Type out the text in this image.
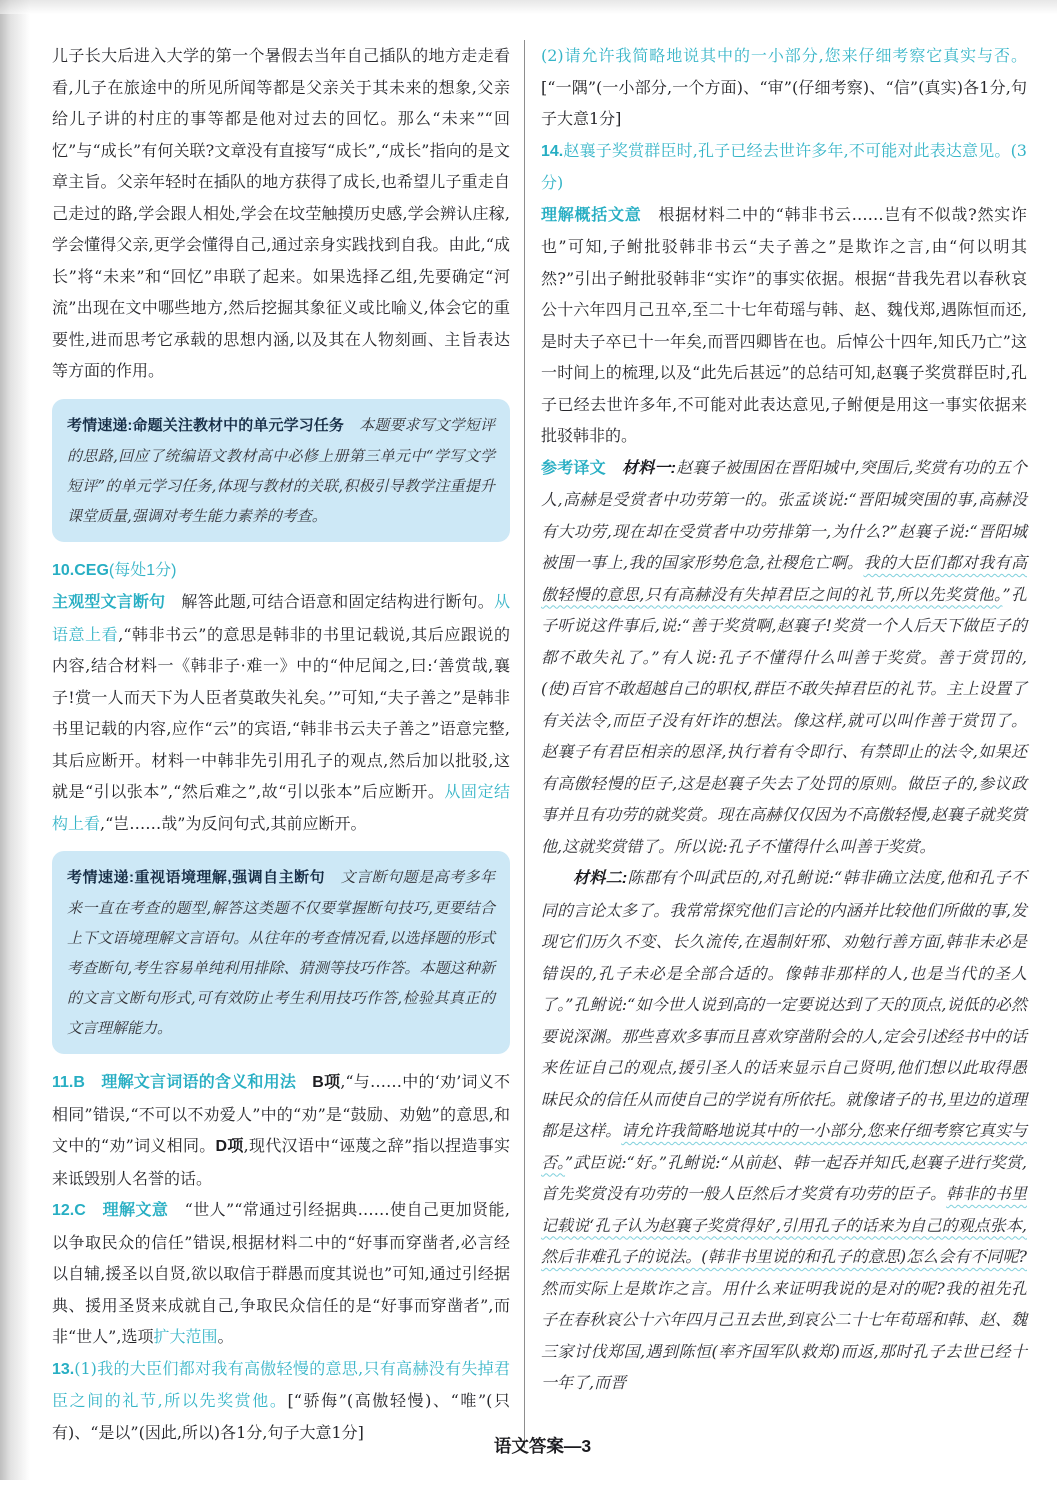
儿子长大后进入大学的第一个暑假去当年自己插队的地方走走看看,儿子在旅途中的所见所闻等都是父亲关于其未来的想象,父亲给儿子讲的村庄的事等都是他对过去的回忆。那么“未来”“回忆”与“成长”有何关联?文章没有直接写“成长”,“成长”指向的是文章主旨。父亲年轻时在插队的地方获得了成长,也希望儿子重走自己走过的路,学会跟人相处,学会在坟茔触摸历史感,学会辨认庄稼,学会懂得父亲,更学会懂得自己,通过亲身实践找到自我。由此,“成长”将“未来”和“回忆”串联了起来。如果选择乙组,先要确定“河流”出现在文中哪些地方,然后挖掘其象征义或比喻义,体会它的重要性,进而思考它承载的思想内涵,以及其在人物刻画、主旨表达等方面的作用。

考情速递:命题关注教材中的单元学习任务　本题要求写文学短评的思路,回应了统编语文教材高中必修上册第三单元中“学写文学短评”的单元学习任务,体现与教材的关联,积极引导教学注重提升课堂质量,强调对考生能力素养的考查。

10.CEG(每处1分)

主观型文言断句　解答此题,可结合语意和固定结构进行断句。从语意上看,“韩非书云”的意思是韩非的书里记载说,其后应跟说的内容,结合材料一《韩非子·难一》中的“仲尼闻之,曰:‘善赏哉,襄子!赏一人而天下为人臣者莫敢失礼矣。’”可知,“夫子善之”是韩非书里记载的内容,应作“云”的宾语,“韩非书云夫子善之”语意完整,其后应断开。材料一中韩非先引用孔子的观点,然后加以批驳,这就是“引以张本”,“然后难之”,故“引以张本”后应断开。从固定结构上看,“岂……哉”为反问句式,其前应断开。

考情速递:重视语境理解,强调自主断句　文言断句题是高考多年来一直在考查的题型,解答这类题不仅要掌握断句技巧,更要结合上下文语境理解文言语句。从往年的考查情况看,以选择题的形式考查断句,考生容易单纯利用排除、猜测等技巧作答。本题这种新的文言文断句形式,可有效防止考生利用技巧作答,检验其真正的文言理解能力。

11.B　理解文言词语的含义和用法　 B项,“与……中的‘劝’词义不相同”错误,“不可以不劝爱人”中的“劝”是“鼓励、劝勉”的意思,和文中的“劝”词义相同。D项,现代汉语中“诬蔑之辞”指以捏造事实来诋毁别人名誉的话。

12.C　理解文意　“世人”“常通过引经据典……使自己更加贤能,以争取民众的信任”错误,根据材料二中的“好事而穿凿者,必言经以自辅,援圣以自贤,欲以取信于群愚而度其说也”可知,通过引经据典、援用圣贤来成就自己,争取民众信任的是“好事而穿凿者”,而非“世人”,选项扩大范围。

13.(1)我的大臣们都对我有高傲轻慢的意思,只有高赫没有失掉君臣之间的礼节,所以先奖赏他。[“骄侮”(高傲轻慢)、“唯”(只有)、“是以”(因此,所以)各1分,句子大意1分]

(2)请允许我简略地说其中的一小部分,您来仔细考察它真实与否。[“一隅”(一小部分,一个方面)、“审”(仔细考察)、“信”(真实)各1分,句子大意1分]

14.赵襄子奖赏群臣时,孔子已经去世许多年,不可能对此表达意见。(3分)

理解概括文意　根据材料二中的“韩非书云……岂有不似哉?然实诈也”可知,子鲋批驳韩非书云“夫子善之”是欺诈之言,由“何以明其然?”引出子鲋批驳韩非“实诈”的事实依据。根据“昔我先君以春秋哀公十六年四月己丑卒,至二十七年荀瑶与韩、赵、魏伐郑,遇陈恒而还,是时夫子卒已十一年矣,而晋四卿皆在也。后悼公十四年,知氏乃亡”这一时间上的梳理,以及“此先后甚远”的总结可知,赵襄子奖赏群臣时,孔子已经去世许多年,不可能对此表达意见,子鲋便是用这一事实依据来批驳韩非的。

参考译文　材料一:赵襄子被围困在晋阳城中,突围后,奖赏有功的五个人,高赫是受赏者中功劳第一的。张孟谈说:“晋阳城突围的事,高赫没有大功劳,现在却在受赏者中功劳排第一,为什么?”赵襄子说:“晋阳城被围一事上,我的国家形势危急,社稷危亡啊。我的大臣们都对我有高傲轻慢的意思,只有高赫没有失掉君臣之间的礼节,所以先奖赏他。”孔子听说这件事后,说:“善于奖赏啊,赵襄子!奖赏一个人后天下做臣子的都不敢失礼了。”有人说:孔子不懂得什么叫善于奖赏。善于赏罚的,(使)百官不敢超越自己的职权,群臣不敢失掉君臣的礼节。主上设置了有关法令,而臣子没有奸诈的想法。像这样,就可以叫作善于赏罚了。赵襄子有君臣相亲的恩泽,执行着有令即行、有禁即止的法令,如果还有高傲轻慢的臣子,这是赵襄子失去了处罚的原则。做臣子的,参议政事并且有功劳的就奖赏。现在高赫仅仅因为不高傲轻慢,赵襄子就奖赏他,这就奖赏错了。所以说:孔子不懂得什么叫善于奖赏。

材料二:陈郡有个叫武臣的,对孔鲋说:“韩非确立法度,他和孔子不同的言论太多了。我常常探究他们言论的内涵并比较他们所做的事,发现它们历久不变、长久流传,在遏制奸邪、劝勉行善方面,韩非未必是错误的,孔子未必是全部合适的。像韩非那样的人,也是当代的圣人了。”孔鲋说:“如今世人说到高的一定要说达到了天的顶点,说低的必然要说深渊。那些喜欢多事而且喜欢穿凿附会的人,定会引述经书中的话来佐证自己的观点,援引圣人的话来显示自己贤明,他们想以此取得愚昧民众的信任从而使自己的学说有所依托。就像诸子的书,里边的道理都是这样。请允许我简略地说其中的一小部分,您来仔细考察它真实与否。”武臣说:“好。”孔鲋说:“从前赵、韩一起吞并知氏,赵襄子进行奖赏,首先奖赏没有功劳的一般人臣然后才奖赏有功劳的臣子。韩非的书里记载说‘孔子认为赵襄子奖赏得好’,引用孔子的话来为自己的观点张本,然后非难孔子的说法。(韩非书里说的和孔子的意思)怎么会有不同呢?然而实际上是欺诈之言。用什么来证明我说的是对的呢?我的祖先孔子在春秋哀公十六年四月己丑去世,到哀公二十七年荀瑶和韩、赵、魏三家讨伐郑国,遇到陈恒(率齐国军队救郑)而返,那时孔子去世已经十一年了,而晋

语文答案—3
